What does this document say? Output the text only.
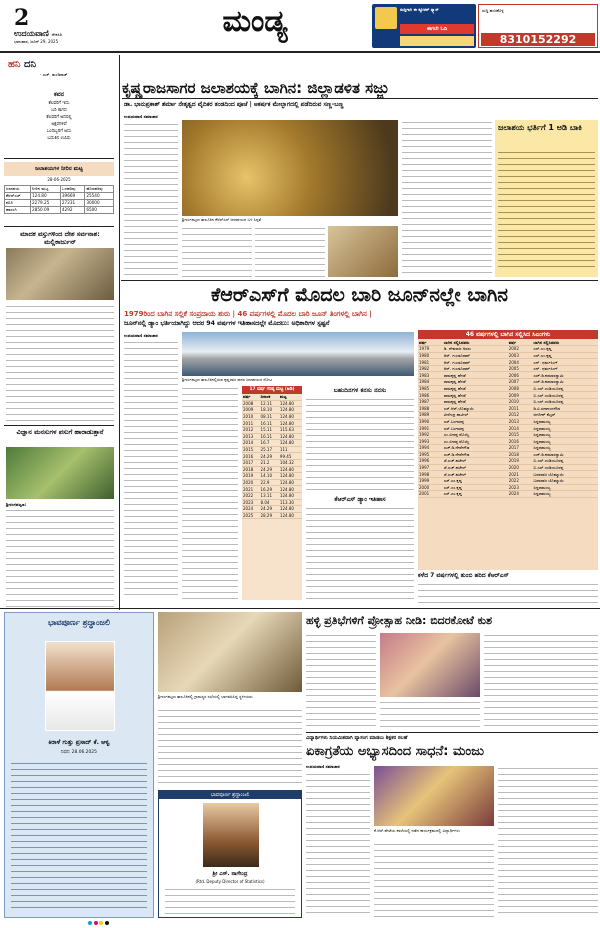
2
ಉದಯವಾಣಿ ದೇಶಸಿರಿ
ಭಾನುವಾರ, ಜೂನ್ 29, 2025
ಮಂಡ್ಯ	ಸುದ್ದಿಗಾಗಿ ಈ ಕ್ಯೂಆರ್ ಸ್ಕ್ಯಾನ್
ಈಗಲೇ ಓದಿ
ಸುದ್ದಿ ಹಂಚಿಕೊಳ್ಳಿ
8310152292
ಹನಿ ದನಿ
- ಎಚ್. ಡುಂಡಿರಾಜ್
ಕವನ
ಕೆಲವರಿಗೆ ಇದು
ಬರಿ ಕಾಗದ
ಕೆಲವರಿಗೆ ಅದರಲ್ಲಿ
ಅಕ್ಷರಗಳಿವೆ
ಒಂದಿಬ್ಬರಿಗೆ ಅದು
ಬದುಕಿನ ಉಸಿರು
ಜಲಾಶಯಗಳ ನೀರಿನ ಮಟ್ಟ
28-06-2025
ಜಲಾಶಯ	ನೀರಿನ ಮಟ್ಟ	ಒಳಹರಿವು	ಹೊರಹರಿವು
ಕೆಆರ್‌ಎಸ್	124.80	39669	25540
ಕಬಿನಿ	2279.25	27231	30000
ಹಾರಂಗಿ	2850.09	4292	6500
ಮಾದಕ ವಸ್ತುಗಳಿಂದ ದೇಶ ಸರ್ವನಾಶ: ಮಲ್ಲಿಕಾರ್ಜುನ್
ವಿಜ್ಞಾನ ಮನಸುಗಳ ಪಸುಗೆ ಹಾರಾಡುತ್ತಾನೆ
ಶ್ರೀರಂಗಪಟ್ಟಣ:
ಕೃಷ್ಣರಾಜಸಾಗರ ಜಲಾಶಯಕ್ಕೆ ಬಾಗಿನ: ಜಿಲ್ಲಾಡಳಿತ ಸಜ್ಜು
ಡಾ. ಭಾನುಪ್ರಕಾಶ್ ಶರ್ಮಾ ನೇತೃತ್ವದ ವೈದಿಕರ ತಂಡದಿಂದ ಪೂಜೆ | ಆಕರ್ಷಕ ಮೇಲ್ಭಾಗದಲ್ಲಿ ಪಡೆದಿರುವ ಸಣ್ಣ-ಬಣ್ಣ
ಉದಯವಾಣಿ ಸಮಾಚಾರ
ಶ್ರೀರಂಗಪಟ್ಟಣ ತಾಲೂಕಿನ ಕೆಆರ್‌ಎಸ್ ಜಲಾಶಯದ ಬಳಿ ಸಿದ್ಧತೆ
ಜಲಾಶಯ ಭರ್ತಿಗೆ 1 ಅಡಿ ಬಾಕಿ
ಕೆಆರ್‌ಎಸ್‌ಗೆ ಮೊದಲ ಬಾರಿ ಜೂನ್‌ನಲ್ಲೇ ಬಾಗಿನ
1979ರಿಂದ ಬಾಗಿನ ಸಲ್ಲಿಕೆ ಸಂಪ್ರದಾಯ ಶುರು | 46 ವರ್ಷಗಳಲ್ಲಿ ಮೊದಲ ಬಾರಿ ಜೂನ್ ತಿಂಗಳಲ್ಲಿ ಬಾಗಿನ |
ಜೂನ್‌ನಲ್ಲಿ ಡ್ಯಾಂ ಭರ್ತಿಯಾಗಿದ್ದು ಆದರ 94 ವರ್ಷಗಳ ಇತಿಹಾಸದಲ್ಲೇ ಮೊದಲು: ಅಧಿಕಾರಿಗಳ ಸ್ಪಷ್ಟನೆ
ಉದಯವಾಣಿ ಸಮಾಚಾರ
ಶ್ರೀರಂಗಪಟ್ಟಣ ತಾಲೂಕಿನಲ್ಲಿರುವ ಕೃಷ್ಣರಾಜ ಸಾಗರ ಜಲಾಶಯದ ನೋಟ
17 ವರ್ಷ ಗರಿಷ್ಠ ಮಟ್ಟ (ಅಡಿ)
ವರ್ಷ	ದಿನಾಂಕ	ಮಟ್ಟ
2008	12.11	124.80
2009	18.10	124.80
2010	08.11	124.80
2011	16.11	124.80
2012	15.11	115.63
2013	16.11	124.80
2014	16.7	124.80
2015	25.17	111
2016	24.29	99.45
2017	21.2	104.32
2018	24.29	124.80
2019	14.10	124.80
2020	22.9	124.80
2021	16.29	124.80
2022	13.11	124.80
2023	8.04	113.30
2024	24.29	124.80
2025	28.29	124.80
ಬಹುದಿನಗಳ ಕನಸು ನನಸು
ಕೆಆರ್‌ಎಸ್ ಡ್ಯಾಂ ಇತಿಹಾಸ
46 ವರ್ಷಗಳಲ್ಲಿ ಬಾಗಿನ ಸಲ್ಲಿಸಿದ ಸಿಎಂಗಳು
ವರ್ಷ	ಬಾಗಿನ ಸಲ್ಲಿಸಿದವರು	ವರ್ಷ	ಬಾಗಿನ ಸಲ್ಲಿಸಿದವರು
1979	ಡಿ. ದೇವರಾಜ ಅರಸು	2002	ಎಸ್.ಎಂ.ಕೃಷ್ಣ
1980	ಆರ್. ಗುಂಡೂರಾವ್	2003	ಎಸ್.ಎಂ.ಕೃಷ್ಣ
1981	ಆರ್. ಗುಂಡೂರಾವ್	2004	ಎನ್. ಧರ್ಮಸಿಂಗ್
1982	ಆರ್. ಗುಂಡೂರಾವ್	2005	ಎನ್. ಧರ್ಮಸಿಂಗ್
1983	ರಾಮಕೃಷ್ಣ ಹೆಗಡೆ	2006	ಎಚ್.ಡಿ.ಕುಮಾರಸ್ವಾಮಿ
1984	ರಾಮಕೃಷ್ಣ ಹೆಗಡೆ	2007	ಎಚ್.ಡಿ.ಕುಮಾರಸ್ವಾಮಿ
1985	ರಾಮಕೃಷ್ಣ ಹೆಗಡೆ	2008	ಬಿ.ಎಸ್.ಯಡಿಯೂರಪ್ಪ
1986	ರಾಮಕೃಷ್ಣ ಹೆಗಡೆ	2009	ಬಿ.ಎಸ್.ಯಡಿಯೂರಪ್ಪ
1987	ರಾಮಕೃಷ್ಣ ಹೆಗಡೆ	2010	ಬಿ.ಎಸ್.ಯಡಿಯೂರಪ್ಪ
1988	ಎಸ್.ಆರ್.ಬೊಮ್ಮಾಯಿ	2011	ಡಿ.ವಿ.ಸದಾನಂದಗೌಡ
1989	ವೀರೇಂದ್ರ ಪಾಟೀಲ್	2012	ಜಗದೀಶ್ ಶೆಟ್ಟರ್
1990	ಎಸ್.ಬಂಗಾರಪ್ಪ	2013	ಸಿದ್ದರಾಮಯ್ಯ
1991	ಎಸ್.ಬಂಗಾರಪ್ಪ	2014	ಸಿದ್ದರಾಮಯ್ಯ
1992	ಎಂ.ವೀರಪ್ಪ ಮೊಯ್ಲಿ	2015	ಸಿದ್ದರಾಮಯ್ಯ
1993	ಎಂ.ವೀರಪ್ಪ ಮೊಯ್ಲಿ	2016	ಸಿದ್ದರಾಮಯ್ಯ
1994	ಎಚ್.ಡಿ.ದೇವೇಗೌಡ	2017	ಸಿದ್ದರಾಮಯ್ಯ
1995	ಎಚ್.ಡಿ.ದೇವೇಗೌಡ	2018	ಎಚ್.ಡಿ.ಕುಮಾರಸ್ವಾಮಿ
1996	ಜೆ.ಎಚ್.ಪಟೇಲ್	2019	ಬಿ.ಎಸ್.ಯಡಿಯೂರಪ್ಪ
1997	ಜೆ.ಎಚ್.ಪಟೇಲ್	2020	ಬಿ.ಎಸ್.ಯಡಿಯೂರಪ್ಪ
1998	ಜೆ.ಎಚ್.ಪಟೇಲ್	2021	ಬಸವರಾಜ ಬೊಮ್ಮಾಯಿ
1999	ಎಸ್.ಎಂ.ಕೃಷ್ಣ	2022	ಬಸವರಾಜ ಬೊಮ್ಮಾಯಿ
2000	ಎಸ್.ಎಂ.ಕೃಷ್ಣ	2023	ಸಿದ್ದರಾಮಯ್ಯ
2001	ಎಸ್.ಎಂ.ಕೃಷ್ಣ	2024	ಸಿದ್ದರಾಮಯ್ಯ
ಕಳೆದ 7 ವರ್ಷಗಳಲ್ಲಿ ತುಂಬಿ ಹರಿದ ಕೆಆರ್‌ಎಸ್
ಭಾವಪೂರ್ಣ ಶ್ರದ್ಧಾಂಜಲಿ
ಕಿರಾಳೆ ಗುತ್ತು ಪ್ರಸಾದ್ ಕೆ. ಆಳ್ವ
ನಿಧನ: 28.06.2025
ಶ್ರೀರಂಗಪಟ್ಟಣ ತಾಲೂಕಿನಲ್ಲಿ ಗ್ರಾಮಸ್ಥರ ಸಭೆಯಲ್ಲಿ ಭಾಗವಹಿಸಿದ್ದ ಸ್ಥಳೀಯರು
ಹಳ್ಳಿ ಪ್ರತಿಭೆಗಳಿಗೆ ಪ್ರೋತ್ಸಾಹ ನೀಡಿ: ಬಿದರಕೋಟೆ ಕುಶ
ಭಾವಪೂರ್ಣ ಶ್ರದ್ಧಾಂಜಲಿ
ಶ್ರೀ ಎಸ್. ನಾಗೇಂದ್ರ
(Rtd. Deputy Director of Statistics)
ವಿದ್ಯಾರ್ಥಿಗಳು ನಿಯಮಿತವಾಗಿ ವ್ಯಾಸಂಗ ಮಾಡಲು ಶಿಕ್ಷಕರ ಸಲಹೆ
ಏಕಾಗ್ರತೆಯ ಅಭ್ಯಾಸದಿಂದ ಸಾಧನೆ: ಮಂಜು
ಉದಯವಾಣಿ ಸಮಾಚಾರ
ಕೆ.ಆರ್.ಪೇಟೆಯ ಶಾಲೆಯಲ್ಲಿ ನಡೆದ ಕಾರ್ಯಕ್ರಮದಲ್ಲಿ ವಿದ್ಯಾರ್ಥಿಗಳು
